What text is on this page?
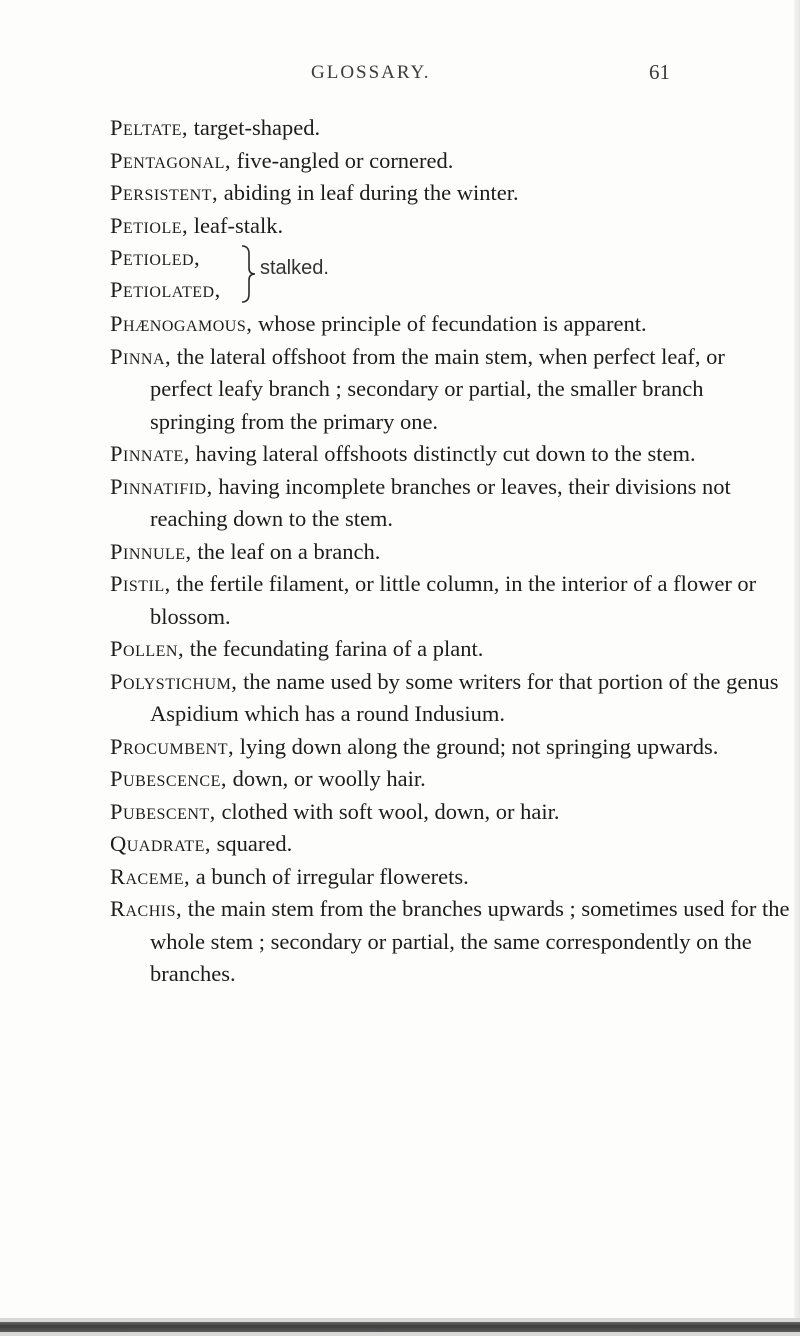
GLOSSARY.	61

Peltate, target-shaped.

Pentagonal, five-angled or cornered.

Persistent, abiding in leaf during the winter.

Petiole, leaf-stalk.

Petioled,
Petiolated,
stalked.

Phænogamous, whose principle of fecundation is apparent.

Pinna, the lateral offshoot from the main stem, when perfect leaf, or perfect leafy branch ; secondary or partial, the smaller branch springing from the primary one.

Pinnate, having lateral offshoots distinctly cut down to the stem.

Pinnatifid, having incomplete branches or leaves, their divisions not reaching down to the stem.

Pinnule, the leaf on a branch.

Pistil, the fertile filament, or little column, in the interior of a flower or blossom.

Pollen, the fecundating farina of a plant.

Polystichum, the name used by some writers for that portion of the genus Aspidium which has a round Indusium.

Procumbent, lying down along the ground; not springing upwards.

Pubescence, down, or woolly hair.

Pubescent, clothed with soft wool, down, or hair.

Quadrate, squared.

Raceme, a bunch of irregular flowerets.

Rachis, the main stem from the branches upwards ; sometimes used for the whole stem ; secondary or partial, the same correspondently on the branches.
